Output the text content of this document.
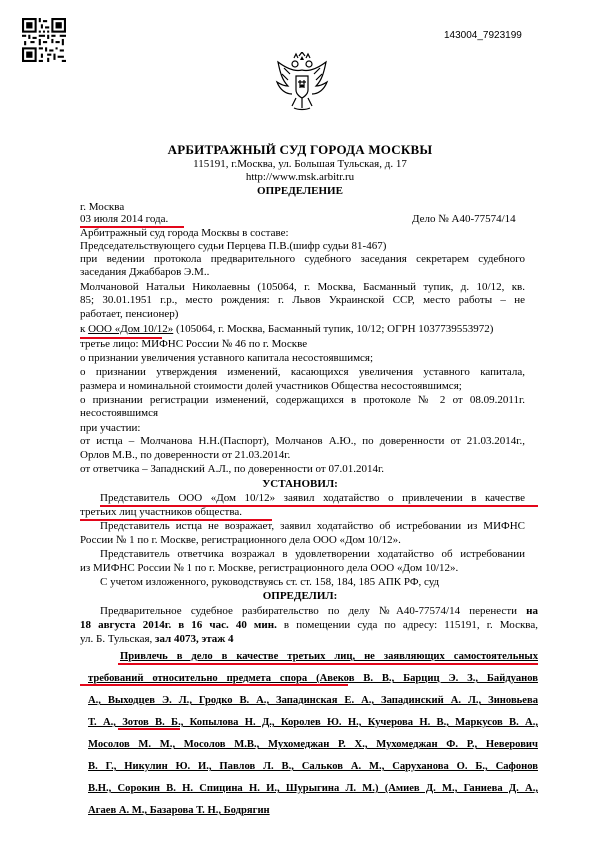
143004_7923199
АРБИТРАЖНЫЙ СУД ГОРОДА МОСКВЫ
115191, г.Москва, ул. Большая Тульская, д. 17
http://www.msk.arbitr.ru
ОПРЕДЕЛЕНИЕ
г. Москва
03 июля 2014 года.	Дело № А40-77574/14
Арбитражный суд города Москвы в составе:
Председательствующего судьи Перцева П.В.(шифр судьи 81-467)
при ведении протокола предварительного судебного заседания секретарем судебного
заседания Джаббаров Э.М..
Молчановой Натальи Николаевны (105064, г. Москва, Басманный тупик, д. 10/12, кв.
85; 30.01.1951 г.р., место рождения: г. Львов Украинской ССР, место работы – не
работает, пенсионер)
к ООО «Дом 10/12» (105064, г. Москва, Басманный тупик, 10/12; ОГРН 1037739553972)
третье лицо: МИФНС России № 46 по г. Москве
о признании увеличения уставного капитала несостоявшимся;
о признании утверждения изменений, касающихся увеличения уставного капитала,
размера и номинальной стоимости долей участников Общества несостоявшимся;
о признании регистрации изменений, содержащихся в протоколе № 2 от 08.09.2011г.
несостоявшимся
при участии:
от истца – Молчанова Н.Н.(Паспорт), Молчанов А.Ю., по доверенности от 21.03.2014г.,
Орлов М.В., по доверенности от 21.03.2014г.
от ответчика – Западнский А.Л., по доверенности от 07.01.2014г.
УСТАНОВИЛ:
Представитель ООО «Дом 10/12» заявил ходатайство о привлечении в качестве
третьих лиц участников общества.
Представитель истца не возражает, заявил ходатайство об истребовании из МИФНС
России № 1 по г. Москве, регистрационного дела ООО «Дом 10/12».
Представитель ответчика возражал в удовлетворении ходатайство об истребовании
из МИФНС России № 1 по г. Москве, регистрационного дела ООО «Дом 10/12».
С учетом изложенного, руководствуясь ст. ст. 158, 184, 185 АПК РФ, суд
ОПРЕДЕЛИЛ:
Предварительное судебное разбирательство по делу №А40-77574/14 перенести на
18 августа 2014г. в 16 час. 40 мин. в помещении суда по адресу: 115191, г. Москва,
ул. Б. Тульская, зал 4073, этаж 4
Привлечь в дело в качестве третьих лиц, не заявляющих самостоятельных
требований относительно предмета спора (Авеков В. В., Барциц Э. З., Байдуанов
А., Выходцев Э. Л., Гродко В. А., Западинская Е. А., Западинский А. Л., Зиновьева
Т. А., Зотов В. Б., Копылова Н. Д., Королев Ю. Н., Кучерова Н. В., Маркусов В. А.,
Мосолов М. М., Мосолов М.В., Мухомеджан Р. Х., Мухомеджан Ф. Р., Неверович
В. Г., Никулин Ю. И., Павлов Л. В., Сальков А. М., Саруханова О. Б., Сафонов
В.Н., Сорокин В. Н. Спицина Н. И., Шурыгина Л. М.) (Амиев Д. М., Ганиева Д. А.,
Агаев А. М., Базарова Т. Н., Бодрягин
